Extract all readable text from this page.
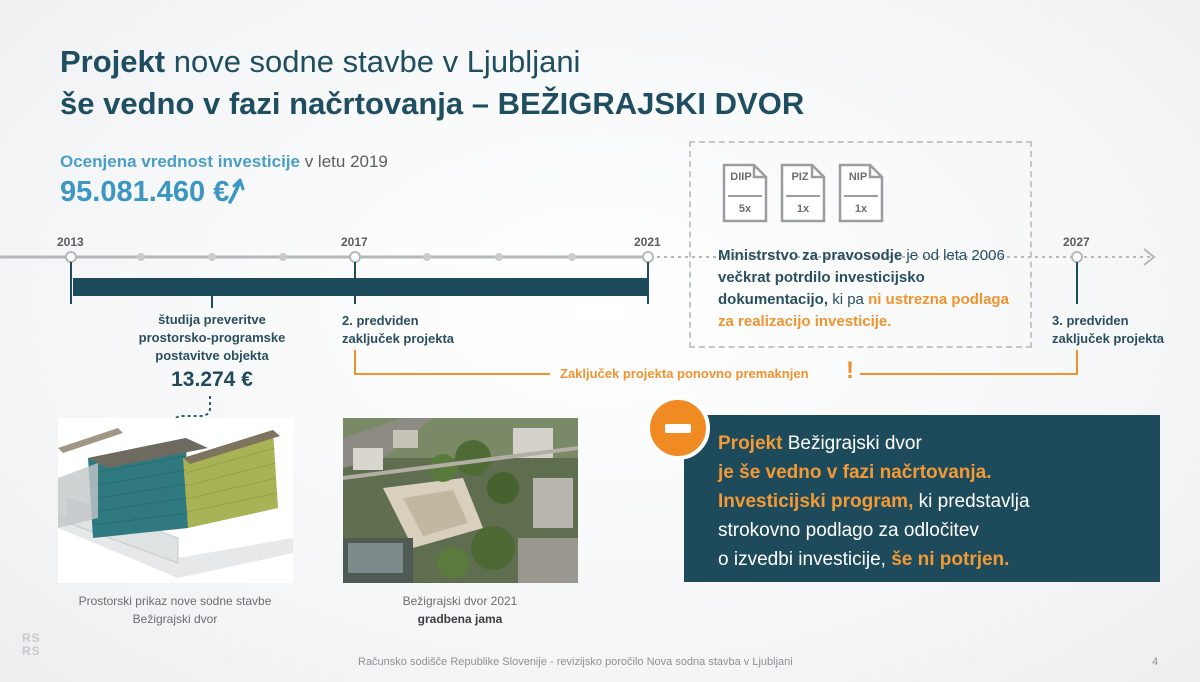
Projekt nove sodne stavbe v Ljubljani
še vedno v fazi načrtovanja – BEŽIGRAJSKI DVOR
Ocenjena vrednost investicije v letu 2019
95.081.460 €
2013	2017	2021	2027
DIIP
5x
PIZ
1x
NIP
1x
Ministrstvo za pravosodje je od leta 2006 večkrat potrdilo investicijsko dokumentacijo, ki pa ni ustrezna podlaga za realizacijo investicije.
študija preveritve
prostorsko-programske
postavitve objekta
13.274 €
2. predviden
zaključek projekta
3. predviden
zaključek projekta
Zaključek projekta ponovno premaknjen !
Prostorski prikaz nove sodne stavbe
Bežigrajski dvor
Bežigrajski dvor 2021
gradbena jama
Projekt Bežigrajski dvor
je še vedno v fazi načrtovanja.
Investicijski program, ki predstavlja
strokovno podlago za odločitev
o izvedbi investicije, še ni potrjen.
RS
RS
Računsko sodišče Republike Slovenije - revizijsko poročilo Nova sodna stavba v Ljubljani	4
